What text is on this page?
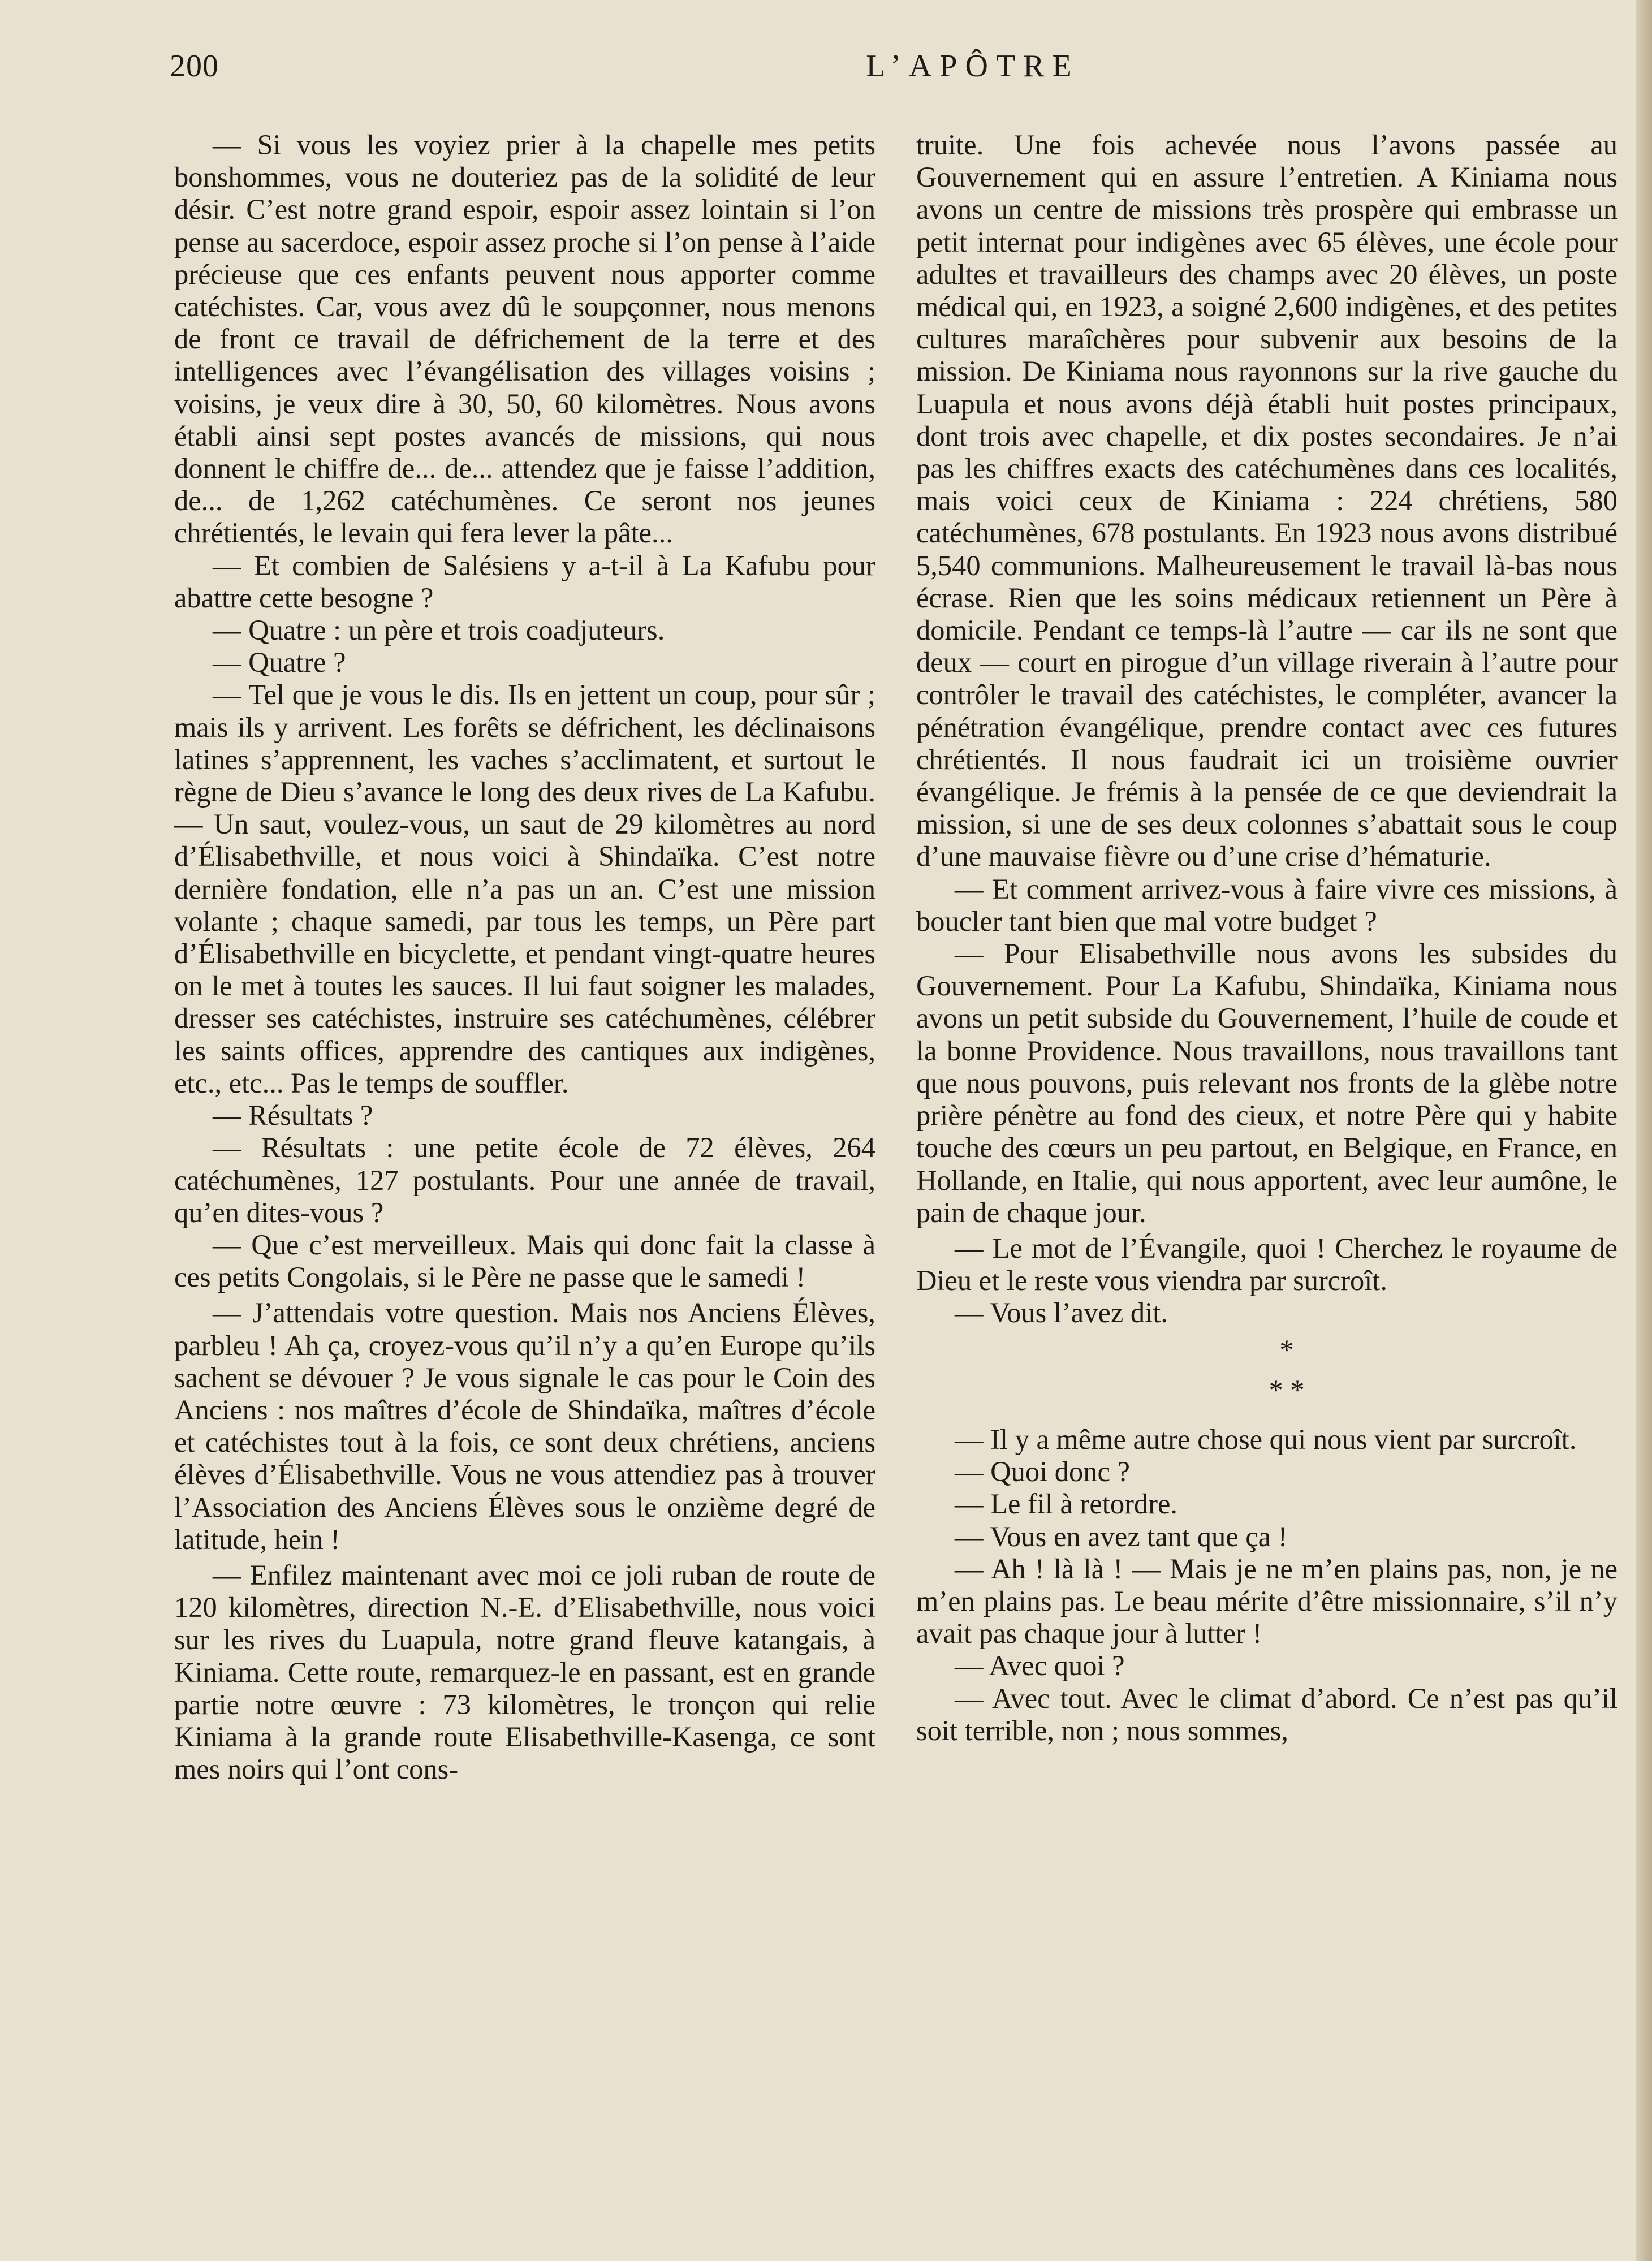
200	L’APÔTRE

— Si vous les voyiez prier à la chapelle mes petits bonshommes, vous ne douteriez pas de la solidité de leur désir. C’est notre grand espoir, espoir assez lointain si l’on pense au sacerdoce, espoir assez proche si l’on pense à l’aide précieuse que ces enfants peuvent nous apporter comme catéchistes. Car, vous avez dû le soupçonner, nous menons de front ce travail de défrichement de la terre et des intelligences avec l’évangélisation des villages voisins ; voisins, je veux dire à 30, 50, 60 kilomètres. Nous avons établi ainsi sept postes avancés de missions, qui nous donnent le chiffre de... de... attendez que je faisse l’addition, de... de 1,262 catéchumènes. Ce seront nos jeunes chrétientés, le levain qui fera lever la pâte...

— Et combien de Salésiens y a-t-il à La Kafubu pour abattre cette besogne ?

— Quatre : un père et trois coadjuteurs.

— Quatre ?

— Tel que je vous le dis. Ils en jettent un coup, pour sûr ; mais ils y arrivent. Les forêts se défrichent, les déclinaisons latines s’apprennent, les vaches s’acclimatent, et surtout le règne de Dieu s’avance le long des deux rives de La Kafubu.— Un saut, voulez-vous, un saut de 29 kilomètres au nord d’Élisabethville, et nous voici à Shindaïka. C’est notre dernière fondation, elle n’a pas un an. C’est une mission volante ; chaque samedi, par tous les temps, un Père part d’Élisabethville en bicyclette, et pendant vingt-quatre heures on le met à toutes les sauces. Il lui faut soigner les malades, dresser ses catéchistes, instruire ses catéchumènes, célébrer les saints offices, apprendre des cantiques aux indigènes, etc., etc... Pas le temps de souffler.

— Résultats ?

— Résultats : une petite école de 72 élèves, 264 catéchumènes, 127 postulants. Pour une année de travail, qu’en dites-vous ?

— Que c’est merveilleux. Mais qui donc fait la classe à ces petits Congolais, si le Père ne passe que le samedi !

— J’attendais votre question. Mais nos Anciens Élèves, parbleu ! Ah ça, croyez-vous qu’il n’y a qu’en Europe qu’ils sachent se dévouer ? Je vous signale le cas pour le Coin des Anciens : nos maîtres d’école de Shindaïka, maîtres d’école et catéchistes tout à la fois, ce sont deux chrétiens, anciens élèves d’Élisabethville. Vous ne vous attendiez pas à trouver l’Association des Anciens Élèves sous le onzième degré de latitude, hein !

— Enfilez maintenant avec moi ce joli ruban de route de 120 kilomètres, direction N.-E. d’Elisabethville, nous voici sur les rives du Luapula, notre grand fleuve katangais, à Kiniama. Cette route, remarquez-le en passant, est en grande partie notre œuvre : 73 kilomètres, le tronçon qui relie Kiniama à la grande route Elisabethville-Kasenga, ce sont mes noirs qui l’ont cons-

truite. Une fois achevée nous l’avons passée au Gouvernement qui en assure l’entretien. A Kiniama nous avons un centre de missions très prospère qui embrasse un petit internat pour indigènes avec 65 élèves, une école pour adultes et travailleurs des champs avec 20 élèves, un poste médical qui, en 1923, a soigné 2,600 indigènes, et des petites cultures maraîchères pour subvenir aux besoins de la mission. De Kiniama nous rayonnons sur la rive gauche du Luapula et nous avons déjà établi huit postes principaux, dont trois avec chapelle, et dix postes secondaires. Je n’ai pas les chiffres exacts des catéchumènes dans ces localités, mais voici ceux de Kiniama : 224 chrétiens, 580 catéchumènes, 678 postulants. En 1923 nous avons distribué 5,540 communions. Malheureusement le travail là-bas nous écrase. Rien que les soins médicaux retiennent un Père à domicile. Pendant ce temps-là l’autre — car ils ne sont que deux — court en pirogue d’un village riverain à l’autre pour contrôler le travail des catéchistes, le compléter, avancer la pénétration évangélique, prendre contact avec ces futures chrétientés. Il nous faudrait ici un troisième ouvrier évangélique. Je frémis à la pensée de ce que deviendrait la mission, si une de ses deux colonnes s’abattait sous le coup d’une mauvaise fièvre ou d’une crise d’hématurie.

— Et comment arrivez-vous à faire vivre ces missions, à boucler tant bien que mal votre budget ?

— Pour Elisabethville nous avons les subsides du Gouvernement. Pour La Kafubu, Shindaïka, Kiniama nous avons un petit subside du Gouvernement, l’huile de coude et la bonne Providence. Nous travaillons, nous travaillons tant que nous pouvons, puis relevant nos fronts de la glèbe notre prière pénètre au fond des cieux, et notre Père qui y habite touche des cœurs un peu partout, en Belgique, en France, en Hollande, en Italie, qui nous apportent, avec leur aumône, le pain de chaque jour.

— Le mot de l’Évangile, quoi ! Cherchez le royaume de Dieu et le reste vous viendra par surcroît.

— Vous l’avez dit.

*

* *

— Il y a même autre chose qui nous vient par surcroît.

— Quoi donc ?

— Le fil à retordre.

— Vous en avez tant que ça !

— Ah ! là là ! — Mais je ne m’en plains pas, non, je ne m’en plains pas. Le beau mérite d’être missionnaire, s’il n’y avait pas chaque jour à lutter !

— Avec quoi ?

— Avec tout. Avec le climat d’abord. Ce n’est pas qu’il soit terrible, non ; nous sommes,
